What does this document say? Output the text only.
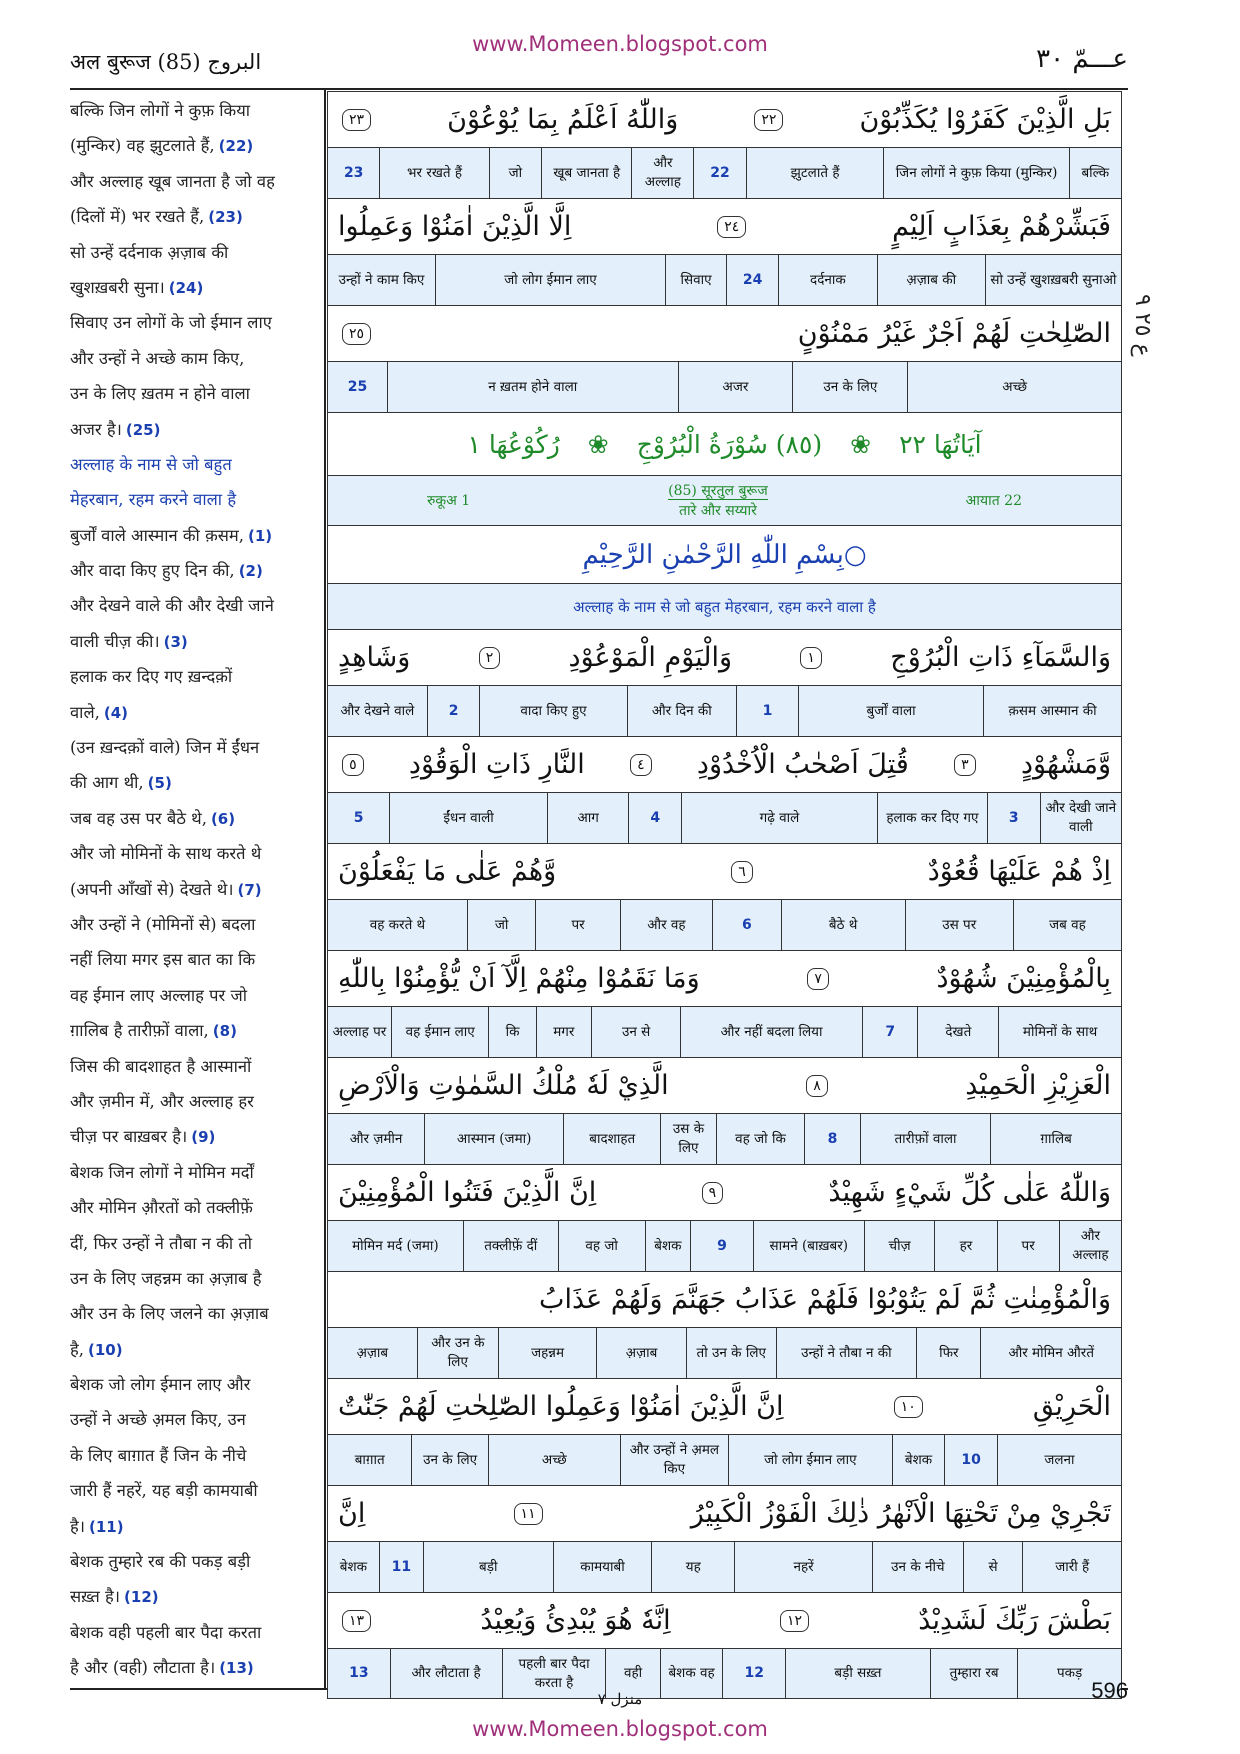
अल बुरूज (85) البروج
www.Momeen.blogspot.com	عـــمّ ٣٠
बल्कि जिन लोगों ने कुफ़ किया
(मुन्किर) वह झुटलाते हैं, (22)
और अल्लाह खूब जानता है जो वह
(दिलों में) भर रखते हैं, (23)
सो उन्हें दर्दनाक अ़ज़ाब की
खुशख़बरी सुना। (24)
सिवाए उन लोगों के जो ईमान लाए
और उन्हों ने अच्छे काम किए,
उन के लिए ख़तम न होने वाला
अजर है। (25)
अल्लाह के नाम से जो बहुत
मेहरबान, रहम करने वाला है
बुर्जों वाले आस्मान की क़सम, (1)
और वादा किए हुए दिन की, (2)
और देखने वाले की और देखी जाने
वाली चीज़ की। (3)
हलाक कर दिए गए ख़न्दक़ों
वाले, (4)
(उन ख़न्दक़ों वाले) जिन में ईंधन
की आग थी, (5)
जब वह उस पर बैठे थे, (6)
और जो मोमिनों के साथ करते थे
(अपनी आँखों से) देखते थे। (7)
और उन्हों ने (मोमिनों से) बदला
नहीं लिया मगर इस बात का कि
वह ईमान लाए अल्लाह पर जो
ग़ालिब है तारीफ़ों वाला, (8)
जिस की बादशाहत है आस्मानों
और ज़मीन में, और अल्लाह हर
चीज़ पर बाख़बर है। (9)
बेशक जिन लोगों ने मोमिन मर्दों
और मोमिन औ़रतों को तक्लीफ़ें
दीं, फिर उन्हों ने तौबा न की तो
उन के लिए जहन्नम का अ़ज़ाब है
और उन के लिए जलने का अ़ज़ाब
है, (10)
बेशक जो लोग ईमान लाए और
उन्हों ने अच्छे अ़मल किए, उन
के लिए बाग़ात हैं जिन के नीचे
जारी हैं नहरें, यह बड़ी कामयाबी
है। (11)
बेशक तुम्हारे रब की पकड़ बड़ी
सख़्त है। (12)
बेशक वही पहली बार पैदा करता
है और (वही) लौटाता है। (13)
بَلِ الَّذِيْنَ كَفَرُوْا يُكَذِّبُوْنَ
٢٢
وَاللّٰهُ اَعْلَمُ بِمَا يُوْعُوْنَ
٢٣
बल्कि
जिन लोगों ने कुफ़ किया (मुन्किर)
झुटलाते हैं
22
और अल्लाह
खूब जानता है
जो
भर रखते हैं
23
فَبَشِّرْهُمْ بِعَذَابٍ اَلِيْمٍ
٢٤
اِلَّا الَّذِيْنَ اٰمَنُوْا وَعَمِلُوا
सो उन्हें खुशख़बरी सुनाओ
अ़ज़ाब की
दर्दनाक
24
सिवाए
जो लोग ईमान लाए
उन्हों ने काम किए
الصّٰلِحٰتِ لَهُمْ اَجْرٌ غَيْرُ مَمْنُوْنٍ
٢٥
अच्छे
उन के लिए
अजर
न ख़तम होने वाला
25
آيَاتُهَا ٢٢
❀
(٨٥) سُوْرَةُ الْبُرُوْجِ
❀
رُكُوْعُهَا ١
रुकूअ 1
(85) सूरतुल बुरूज
तारे और सय्यारे
आयात 22
بِسْمِ اللّٰهِ الرَّحْمٰنِ الرَّحِيْمِ○
अल्लाह के नाम से जो बहुत मेहरबान, रहम करने वाला है
وَالسَّمَآءِ ذَاتِ الْبُرُوْجِ
١
وَالْيَوْمِ الْمَوْعُوْدِ
٢
وَشَاهِدٍ
क़सम आस्मान की
बुर्जों वाला
1
और दिन की
वादा किए हुए
2
और देखने वाले
وَّمَشْهُوْدٍ
٣
قُتِلَ اَصْحٰبُ الْاُخْدُوْدِ
٤
النَّارِ ذَاتِ الْوَقُوْدِ
٥
और देखी जाने वाली
3
हलाक कर दिए गए
गढ़े वाले
4
आग
ईंधन वाली
5
اِذْ هُمْ عَلَيْهَا قُعُوْدٌ
٦
وَّهُمْ عَلٰى مَا يَفْعَلُوْنَ
जब वह
उस पर
बैठे थे
6
और वह
पर
जो
वह करते थे
بِالْمُؤْمِنِيْنَ شُهُوْدٌ
٧
وَمَا نَقَمُوْا مِنْهُمْ اِلَّآ اَنْ يُّؤْمِنُوْا بِاللّٰهِ
मोमिनों के साथ
देखते
7
और नहीं बदला लिया
उन से
मगर
कि
वह ईमान लाए
अल्लाह पर
الْعَزِيْزِ الْحَمِيْدِ
٨
الَّذِيْ لَهٗ مُلْكُ السَّمٰوٰتِ وَالْاَرْضِ
ग़ालिब
तारीफ़ों वाला
8
वह जो कि
उस के लिए
बादशाहत
आस्मान (जमा)
और ज़मीन
وَاللّٰهُ عَلٰى كُلِّ شَيْءٍ شَهِيْدٌ
٩
اِنَّ الَّذِيْنَ فَتَنُوا الْمُؤْمِنِيْنَ
और अल्लाह
पर
हर
चीज़
सामने (बाख़बर)
9
बेशक
वह जो
तक्लीफ़ें दीं
मोमिन मर्द (जमा)
وَالْمُؤْمِنٰتِ ثُمَّ لَمْ يَتُوْبُوْا فَلَهُمْ عَذَابُ جَهَنَّمَ وَلَهُمْ عَذَابُ
और मोमिन औरतें
फिर
उन्हों ने तौबा न की
तो उन के लिए
अ़ज़ाब
जहन्नम
और उन के लिए
अ़ज़ाब
الْحَرِيْقِ
١٠
اِنَّ الَّذِيْنَ اٰمَنُوْا وَعَمِلُوا الصّٰلِحٰتِ لَهُمْ جَنّٰتٌ
जलना
10
बेशक
जो लोग ईमान लाए
और उन्हों ने अ़मल किए
अच्छे
उन के लिए
बाग़ात
تَجْرِيْ مِنْ تَحْتِهَا الْاَنْهٰرُ ذٰلِكَ الْفَوْزُ الْكَبِيْرُ
١١
اِنَّ
जारी हैं
से
उन के नीचे
नहरें
यह
कामयाबी
बड़ी
11
बेशक
بَطْشَ رَبِّكَ لَشَدِيْدٌ
١٢
اِنَّهٗ هُوَ يُبْدِئُ وَيُعِيْدُ
١٣
पकड़
तुम्हारा रब
बड़ी सख़्त
12
बेशक वह
वही
पहली बार पैदा करता है
और लौटाता है
13
ع ٢٥ ٩
منزل ٧	596
www.Momeen.blogspot.com
